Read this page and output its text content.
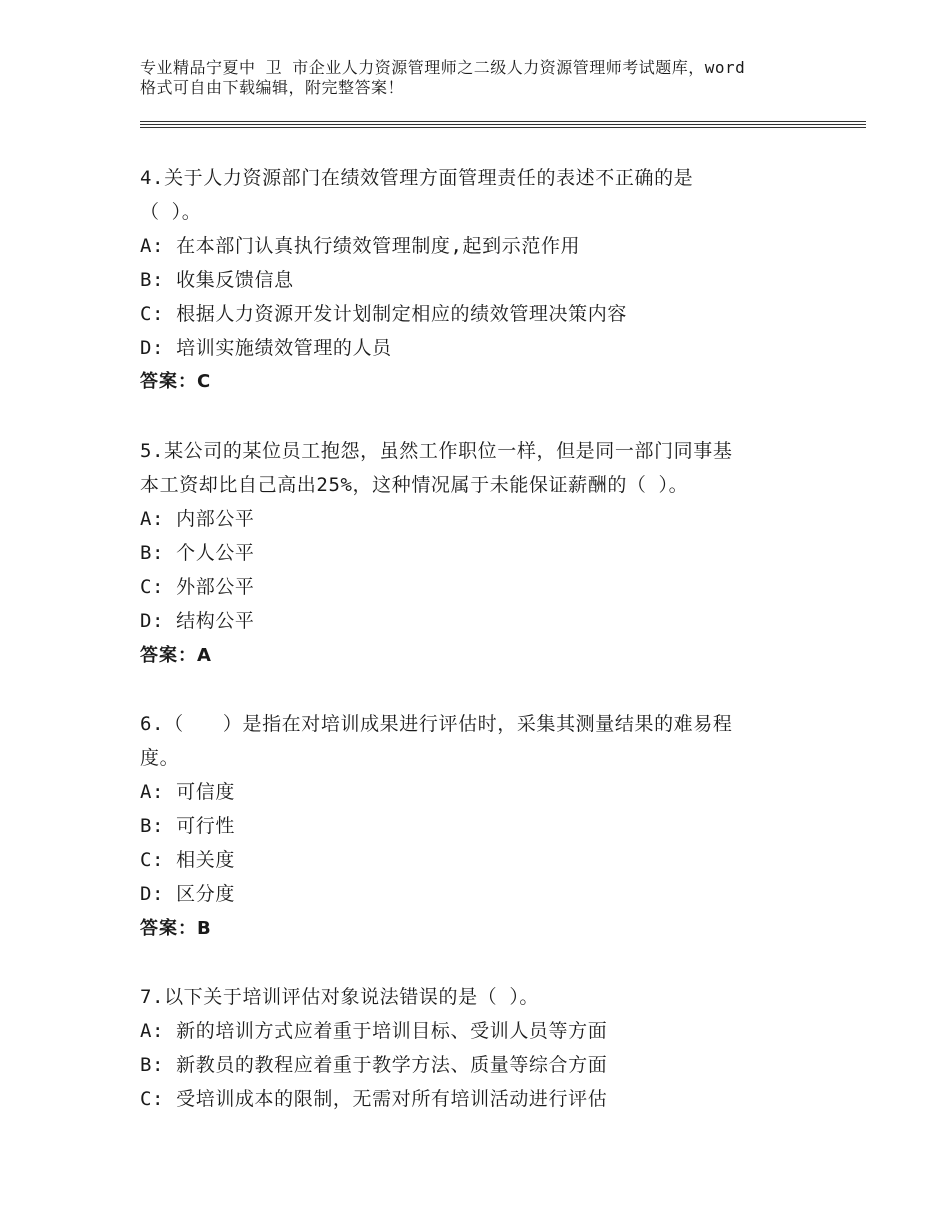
专业精品宁夏中 卫 市企业人力资源管理师之二级人力资源管理师考试题库，word
格式可自由下载编辑，附完整答案！
4.关于人力资源部门在绩效管理方面管理责任的表述不正确的是
（ ）。
A: 在本部门认真执行绩效管理制度,起到示范作用
B: 收集反馈信息
C: 根据人力资源开发计划制定相应的绩效管理决策内容
D: 培训实施绩效管理的人员
答案：C
5.某公司的某位员工抱怨，虽然工作职位一样，但是同一部门同事基
本工资却比自己高出25%，这种情况属于未能保证薪酬的（ ）。
A: 内部公平
B: 个人公平
C: 外部公平
D: 结构公平
答案：A
6.（　　）是指在对培训成果进行评估时，采集其测量结果的难易程
度。
A: 可信度
B: 可行性
C: 相关度
D: 区分度
答案：B
7.以下关于培训评估对象说法错误的是（ ）。
A: 新的培训方式应着重于培训目标、受训人员等方面
B: 新教员的教程应着重于教学方法、质量等综合方面
C: 受培训成本的限制，无需对所有培训活动进行评估
